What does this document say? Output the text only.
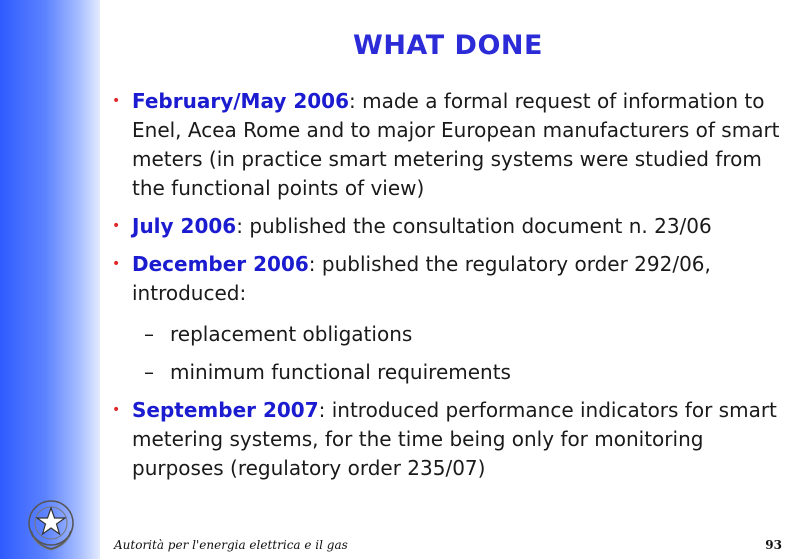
WHAT DONE
• February/May 2006: made a formal request of information to Enel, Acea Rome and to major European manufacturers of smart meters (in practice smart metering systems were studied from the functional points of view)
• July 2006: published the consultation document n. 23/06
• December 2006: published the regulatory order 292/06, introduced:
– replacement obligations
– minimum functional requirements
• September 2007: introduced performance indicators for smart metering systems, for the time being only for monitoring purposes (regulatory order 235/07)
Autorità per l'energia elettrica e il gas	93
